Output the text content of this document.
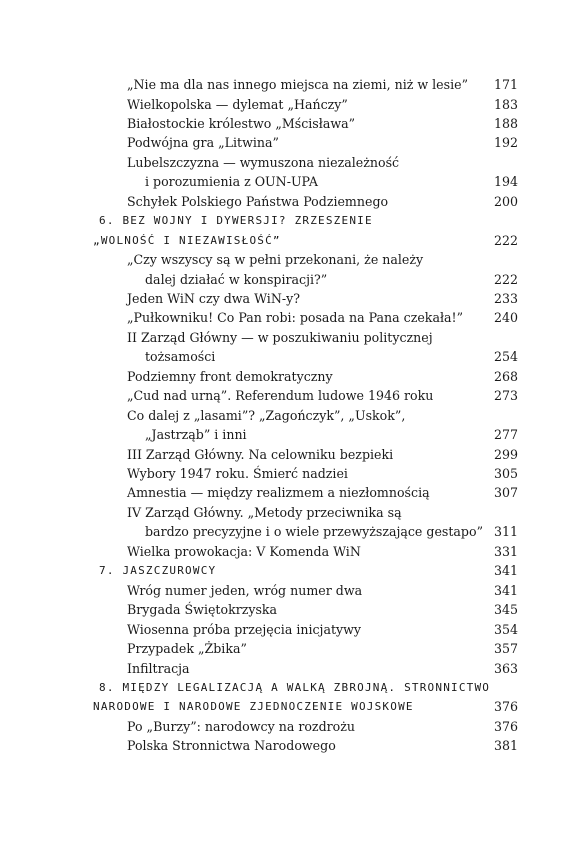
„Nie ma dla nas innego miejsca na ziemi, niż w lesie” 171
Wielkopolska — dylemat „Hańczy”	183
Białostockie królestwo „Mścisława”	188
Podwójna gra „Litwina”	192
Lubelszczyzna — wymuszona niezależność
i porozumienia z OUN-UPA	194
Schyłek Polskiego Państwa Podziemnego	200
6. BEZ WOJNY I DYWERSJI? ZRZESZENIE
„WOLNOŚĆ I NIEZAWISŁOŚĆ”	222
„Czy wszyscy są w pełni przekonani, że należy
dalej działać w konspiracji?”	222
Jeden WiN czy dwa WiN-y?	233
„Pułkowniku! Co Pan robi: posada na Pana czekała!” 240
II Zarząd Główny — w poszukiwaniu politycznej
tożsamości	254
Podziemny front demokratyczny	268
„Cud nad urną”. Referendum ludowe 1946 roku	273
Co dalej z „lasami”? „Zagończyk”, „Uskok”,
„Jastrząb” i inni	277
III Zarząd Główny. Na celowniku bezpieki	299
Wybory 1947 roku. Śmierć nadziei	305
Amnestia — między realizmem a niezłomnością	307
IV Zarząd Główny. „Metody przeciwnika są
bardzo precyzyjne i o wiele przewyższające gestapo” 311
Wielka prowokacja: V Komenda WiN	331
7. JASZCZUROWCY	341
Wróg numer jeden, wróg numer dwa	341
Brygada Świętokrzyska	345
Wiosenna próba przejęcia inicjatywy	354
Przypadek „Żbika”	357
Infiltracja	363
8. MIĘDZY LEGALIZACJĄ A WALKĄ ZBROJNĄ. STRONNICTWO
NARODOWE I NARODOWE ZJEDNOCZENIE WOJSKOWE	376
Po „Burzy”: narodowcy na rozdrożu	376
Polska Stronnictwa Narodowego	381
